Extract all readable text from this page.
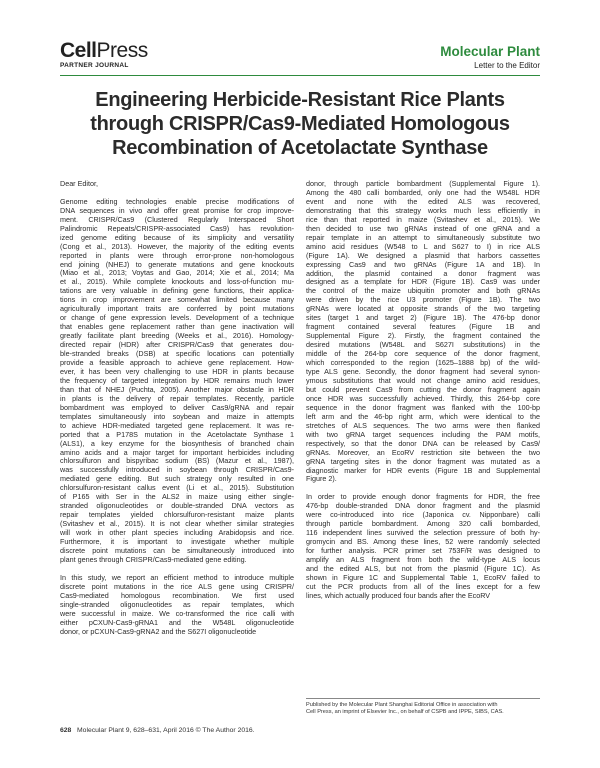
CellPress
PARTNER JOURNAL
Molecular Plant
Letter to the Editor
Engineering Herbicide-Resistant Rice Plants
through CRISPR/Cas9-Mediated Homologous
Recombination of Acetolactate Synthase

Dear Editor,

Genome editing technologies enable precise modifications of
DNA sequences in vivo and offer great promise for crop improve-
ment. CRISPR/Cas9 (Clustered Regularly Interspaced Short
Palindromic Repeats/CRISPR-associated Cas9) has revolution-
ized genome editing because of its simplicity and versatility
(Cong et al., 2013). However, the majority of the editing events
reported in plants were through error-prone non-homologous
end joining (NHEJ) to generate mutations and gene knockouts
(Miao et al., 2013; Voytas and Gao, 2014; Xie et al., 2014; Ma
et al., 2015). While complete knockouts and loss-of-function mu-
tations are very valuable in defining gene functions, their applica-
tions in crop improvement are somewhat limited because many
agriculturally important traits are conferred by point mutations
or change of gene expression levels. Development of a technique
that enables gene replacement rather than gene inactivation will
greatly facilitate plant breeding (Weeks et al., 2016). Homology-
directed repair (HDR) after CRISPR/Cas9 that generates dou-
ble-stranded breaks (DSB) at specific locations can potentially
provide a feasible approach to achieve gene replacement. How-
ever, it has been very challenging to use HDR in plants because
the frequency of targeted integration by HDR remains much lower
than that of NHEJ (Puchta, 2005). Another major obstacle in HDR
in plants is the delivery of repair templates. Recently, particle
bombardment was employed to deliver Cas9/gRNA and repair
templates simultaneously into soybean and maize in attempts
to achieve HDR-mediated targeted gene replacement. It was re-
ported that a P178S mutation in the Acetolactate Synthase 1
(ALS1), a key enzyme for the biosynthesis of branched chain
amino acids and a major target for important herbicides including
chlorsulfuron and bispyribac sodium (BS) (Mazur et al., 1987),
was successfully introduced in soybean through CRISPR/Cas9-
mediated gene editing. But such strategy only resulted in one
chlorsulfuron-resistant callus event (Li et al., 2015). Substitution
of P165 with Ser in the ALS2 in maize using either single-
stranded oligonucleotides or double-stranded DNA vectors as
repair templates yielded chlorsulfuron-resistant maize plants
(Svitashev et al., 2015). It is not clear whether similar strategies
will work in other plant species including Arabidopsis and rice.
Furthermore, it is important to investigate whether multiple
discrete point mutations can be simultaneously introduced into
plant genes through CRISPR/Cas9-mediated gene editing.

In this study, we report an efficient method to introduce multiple
discrete point mutations in the rice ALS gene using CRISPR/
Cas9-mediated homologous recombination. We first used
single-stranded oligonucleotides as repair templates, which
were successful in maize. We co-transformed the rice calli with
either pCXUN-Cas9-gRNA1 and the W548L oligonucleotide
donor, or pCXUN-Cas9-gRNA2 and the S627I oligonucleotide

donor, through particle bombardment (Supplemental Figure 1).
Among the 480 calli bombarded, only one had the W548L HDR
event and none with the edited ALS was recovered,
demonstrating that this strategy works much less efficiently in
rice than that reported in maize (Svitashev et al., 2015). We
then decided to use two gRNAs instead of one gRNA and a
repair template in an attempt to simultaneously substitute two
amino acid residues (W548 to L and S627 to I) in rice ALS
(Figure 1A). We designed a plasmid that harbors cassettes
expressing Cas9 and two gRNAs (Figure 1A and 1B). In
addition, the plasmid contained a donor fragment was
designed as a template for HDR (Figure 1B). Cas9 was under
the control of the maize ubiquitin promoter and both gRNAs
were driven by the rice U3 promoter (Figure 1B). The two
gRNAs were located at opposite strands of the two targeting
sites (target 1 and target 2) (Figure 1B). The 476-bp donor
fragment contained several features (Figure 1B and
Supplemental Figure 2). Firstly, the fragment contained the
desired mutations (W548L and S627I substitutions) in the
middle of the 264-bp core sequence of the donor fragment,
which corresponded to the region (1625–1888 bp) of the wild-
type ALS gene. Secondly, the donor fragment had several synon-
ymous substitutions that would not change amino acid residues,
but could prevent Cas9 from cutting the donor fragment again
once HDR was successfully achieved. Thirdly, this 264-bp core
sequence in the donor fragment was flanked with the 100-bp
left arm and the 46-bp right arm, which were identical to the
stretches of ALS sequences. The two arms were then flanked
with two gRNA target sequences including the PAM motifs,
respectively, so that the donor DNA can be released by Cas9/
gRNAs. Moreover, an EcoRV restriction site between the two
gRNA targeting sites in the donor fragment was mutated as a
diagnostic marker for HDR events (Figure 1B and Supplemental
Figure 2).

In order to provide enough donor fragments for HDR, the free
476-bp double-stranded DNA donor fragment and the plasmid
were co-introduced into rice (Japonica cv. Nipponbare) calli
through particle bombardment. Among 320 calli bombarded,
116 independent lines survived the selection pressure of both hy-
gromycin and BS. Among these lines, 52 were randomly selected
for further analysis. PCR primer set 753F/R was designed to
amplify an ALS fragment from both the wild-type ALS locus
and the edited ALS, but not from the plasmid (Figure 1C). As
shown in Figure 1C and Supplemental Table 1, EcoRV failed to
cut the PCR products from all of the lines except for a few
lines, which actually produced four bands after the EcoRV

Published by the Molecular Plant Shanghai Editorial Office in association with
Cell Press, an imprint of Elsevier Inc., on behalf of CSPB and IPPE, SIBS, CAS.
628 Molecular Plant 9, 628–631, April 2016 © The Author 2016.
